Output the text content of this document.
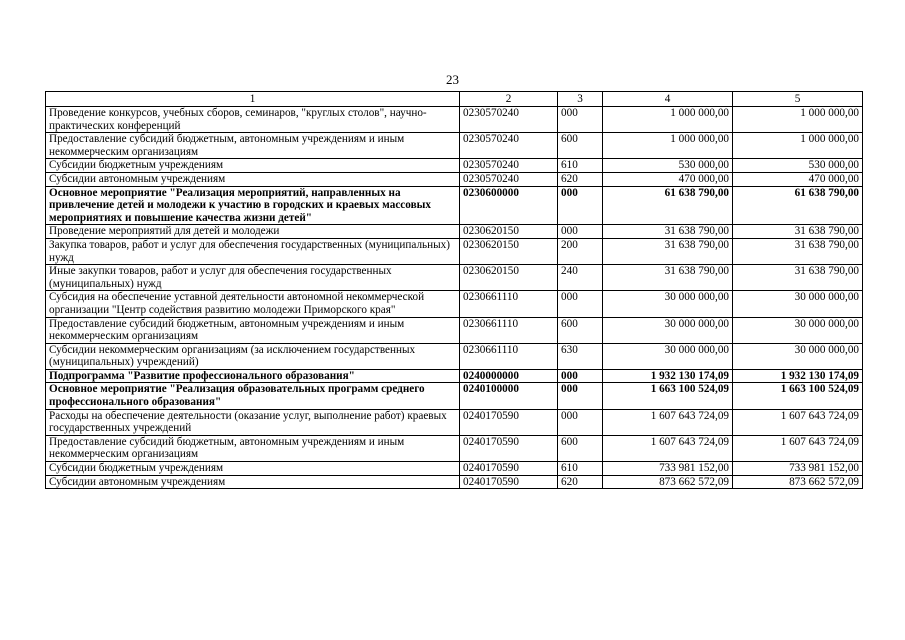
23
1	2	3	4	5
Проведение конкурсов, учебных сборов, семинаров, "круглых столов", научно-практических конференций	0230570240	000	1 000 000,00	1 000 000,00
Предоставление субсидий бюджетным, автономным учреждениям и иным некоммерческим организациям	0230570240	600	1 000 000,00	1 000 000,00
Субсидии бюджетным учреждениям	0230570240	610	530 000,00	530 000,00
Субсидии автономным учреждениям	0230570240	620	470 000,00	470 000,00
Основное мероприятие "Реализация мероприятий, направленных на привлечение детей и молодежи к участию в городских и краевых массовых мероприятиях и повышение качества жизни детей"	0230600000	000	61 638 790,00	61 638 790,00
Проведение мероприятий для детей и молодежи	0230620150	000	31 638 790,00	31 638 790,00
Закупка товаров, работ и услуг для обеспечения государственных (муниципальных) нужд	0230620150	200	31 638 790,00	31 638 790,00
Иные закупки товаров, работ и услуг для обеспечения государственных (муниципальных) нужд	0230620150	240	31 638 790,00	31 638 790,00
Субсидия на обеспечение уставной деятельности автономной некоммерческой организации "Центр содействия развитию молодежи Приморского края"	0230661110	000	30 000 000,00	30 000 000,00
Предоставление субсидий бюджетным, автономным учреждениям и иным некоммерческим организациям	0230661110	600	30 000 000,00	30 000 000,00
Субсидии некоммерческим организациям (за исключением государственных (муниципальных) учреждений)	0230661110	630	30 000 000,00	30 000 000,00
Подпрограмма "Развитие профессионального образования"	0240000000	000	1 932 130 174,09	1 932 130 174,09
Основное мероприятие "Реализация образовательных программ среднего профессионального образования"	0240100000	000	1 663 100 524,09	1 663 100 524,09
Расходы на обеспечение деятельности (оказание услуг, выполнение работ) краевых государственных учреждений	0240170590	000	1 607 643 724,09	1 607 643 724,09
Предоставление субсидий бюджетным, автономным учреждениям и иным некоммерческим организациям	0240170590	600	1 607 643 724,09	1 607 643 724,09
Субсидии бюджетным учреждениям	0240170590	610	733 981 152,00	733 981 152,00
Субсидии автономным учреждениям	0240170590	620	873 662 572,09	873 662 572,09
